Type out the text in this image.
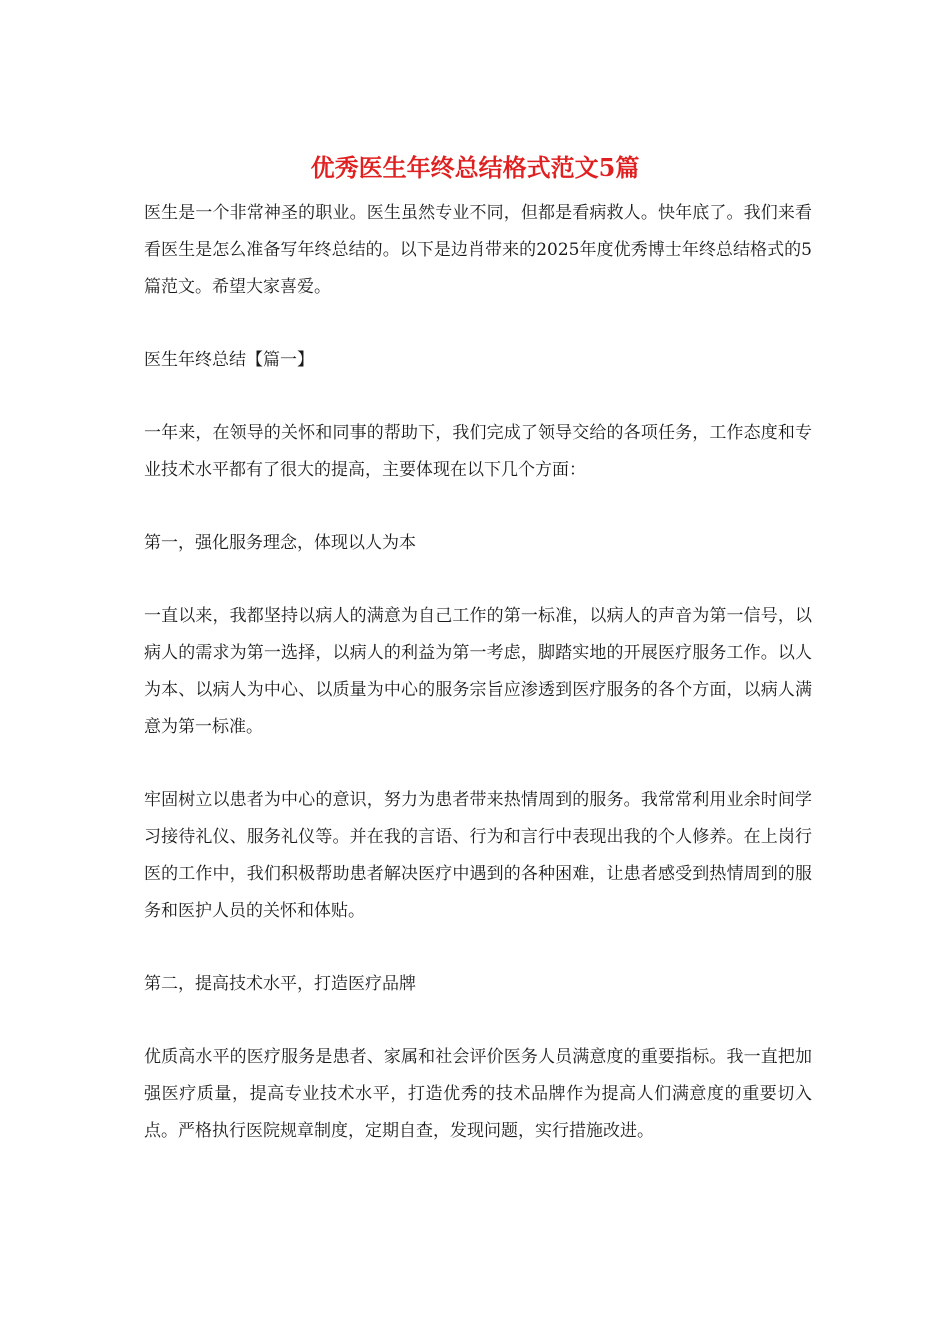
优秀医生年终总结格式范文5篇

医生是一个非常神圣的职业。医生虽然专业不同，但都是看病救人。快年底了。我们来看看医生是怎么准备写年终总结的。以下是边肖带来的2025年度优秀博士年终总结格式的5篇范文。希望大家喜爱。

医生年终总结【篇一】

一年来，在领导的关怀和同事的帮助下，我们完成了领导交给的各项任务，工作态度和专业技术水平都有了很大的提高，主要体现在以下几个方面：

第一，强化服务理念，体现以人为本

一直以来，我都坚持以病人的满意为自己工作的第一标准，以病人的声音为第一信号，以病人的需求为第一选择，以病人的利益为第一考虑，脚踏实地的开展医疗服务工作。以人为本、以病人为中心、以质量为中心的服务宗旨应渗透到医疗服务的各个方面，以病人满意为第一标准。

牢固树立以患者为中心的意识，努力为患者带来热情周到的服务。我常常利用业余时间学习接待礼仪、服务礼仪等。并在我的言语、行为和言行中表现出我的个人修养。在上岗行医的工作中，我们积极帮助患者解决医疗中遇到的各种困难，让患者感受到热情周到的服务和医护人员的关怀和体贴。

第二，提高技术水平，打造医疗品牌

优质高水平的医疗服务是患者、家属和社会评价医务人员满意度的重要指标。我一直把加强医疗质量，提高专业技术水平，打造优秀的技术品牌作为提高人们满意度的重要切入点。严格执行医院规章制度，定期自查，发现问题，实行措施改进。
